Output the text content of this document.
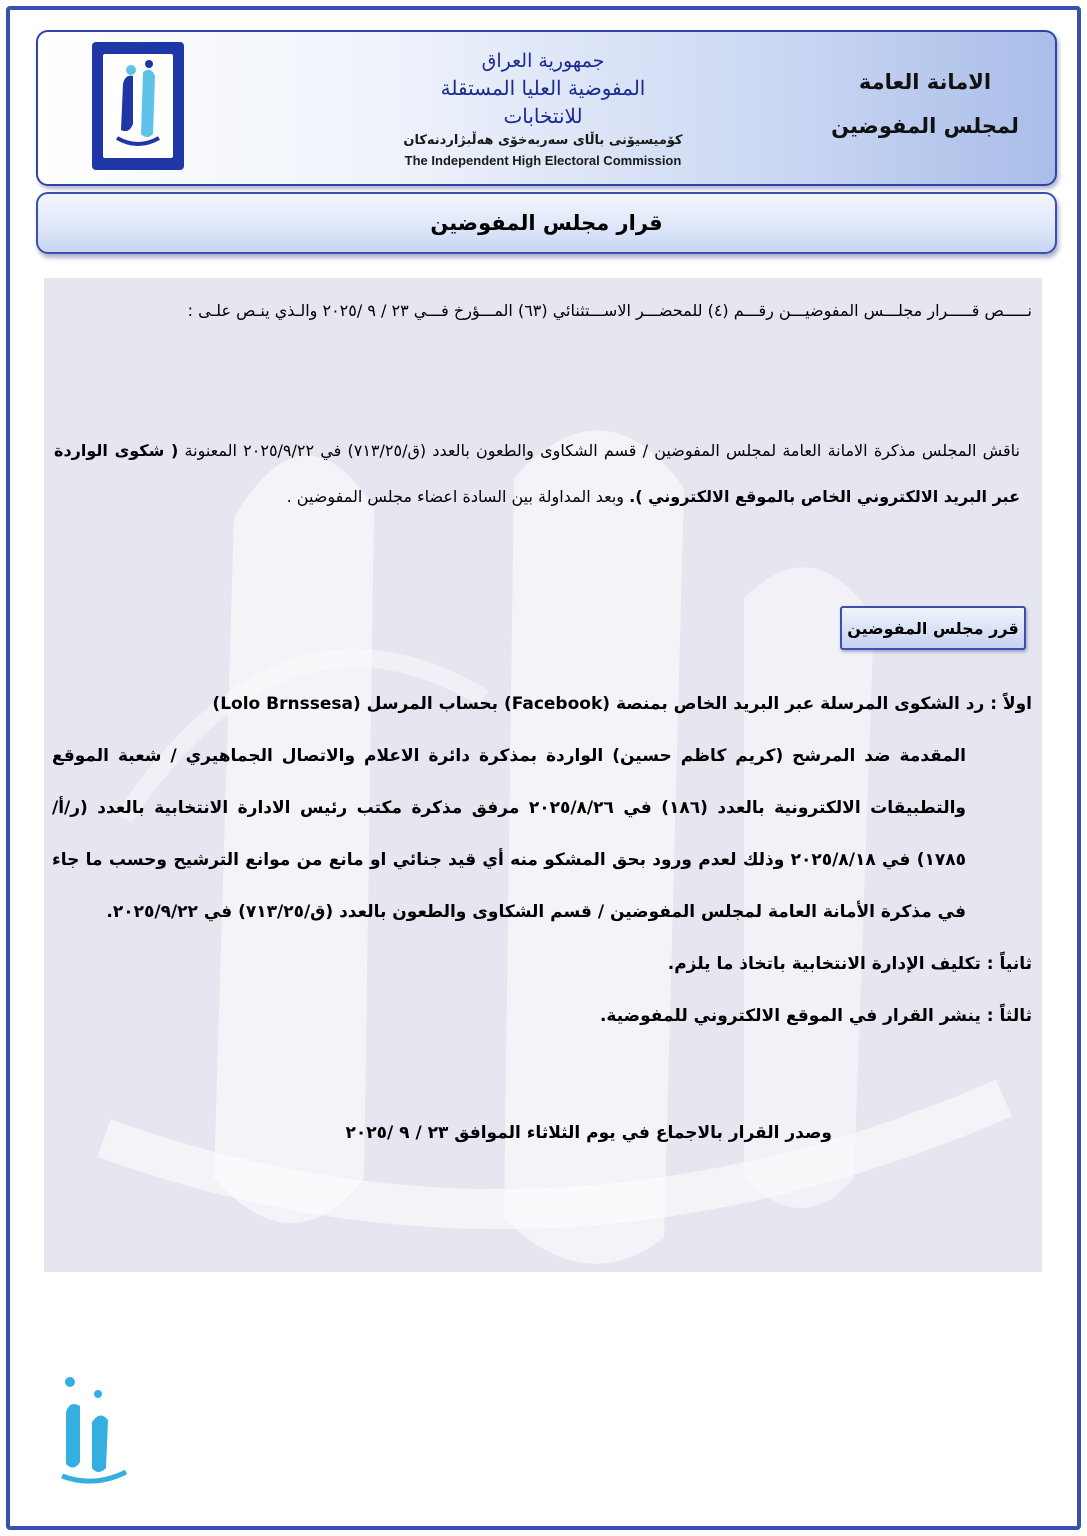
جمهورية العراق
المفوضية العليا المستقلة للانتخابات
كۆمیسیۆنی باڵای سەربەخۆی هەڵبژاردنەکان
The Independent High Electoral Commission
الامانة العامة
لمجلس المفوضين
قرار مجلس المفوضين
نـــــص قـــــرار مجلـــس المفوضيـــن رقـــم (٤) للمحضـــر الاســـتثنائي (٦٣) المـــؤرخ فـــي ٢٣ / ٩ /٢٠٢٥ والـذي ينـص علـى :
ناقش المجلس مذكرة الامانة العامة لمجلس المفوضين / قسم الشكاوى والطعون بالعدد (ق/٧١٣/٢٥) في ٢٠٢٥/٩/٢٢ المعنونة ( شكوى الواردة عبر البريد الالكتروني الخاص بالموقع الالكتروني ). وبعد المداولة بين السادة اعضاء مجلس المفوضين .
قرر مجلس المفوضين
اولاً : رد الشكوى المرسلة عبر البريد الخاص بمنصة (Facebook) بحساب المرسل (Lolo Brnssesa)
المقدمة ضد المرشح (كريم كاظم حسين) الواردة بمذكرة دائرة الاعلام والاتصال الجماهيري / شعبة الموقع والتطبيقات الالكترونية بالعدد (١٨٦) في ٢٠٢٥/٨/٢٦ مرفق مذكرة مكتب رئيس الادارة الانتخابية بالعدد (ر/أ/١٧٨٥) في ٢٠٢٥/٨/١٨ وذلك لعدم ورود بحق المشكو منه أي قيد جنائي او مانع من موانع الترشيح وحسب ما جاء في مذكرة الأمانة العامة لمجلس المفوضين / قسم الشكاوى والطعون بالعدد (ق/٧١٣/٢٥) في ٢٠٢٥/٩/٢٢.
ثانياً : تكليف الإدارة الانتخابية باتخاذ ما يلزم.
ثالثاً : ينشر القرار في الموقع الالكتروني للمفوضية.
وصدر القرار بالاجماع في يوم الثلاثاء الموافق ٢٣ / ٩ /٢٠٢٥
